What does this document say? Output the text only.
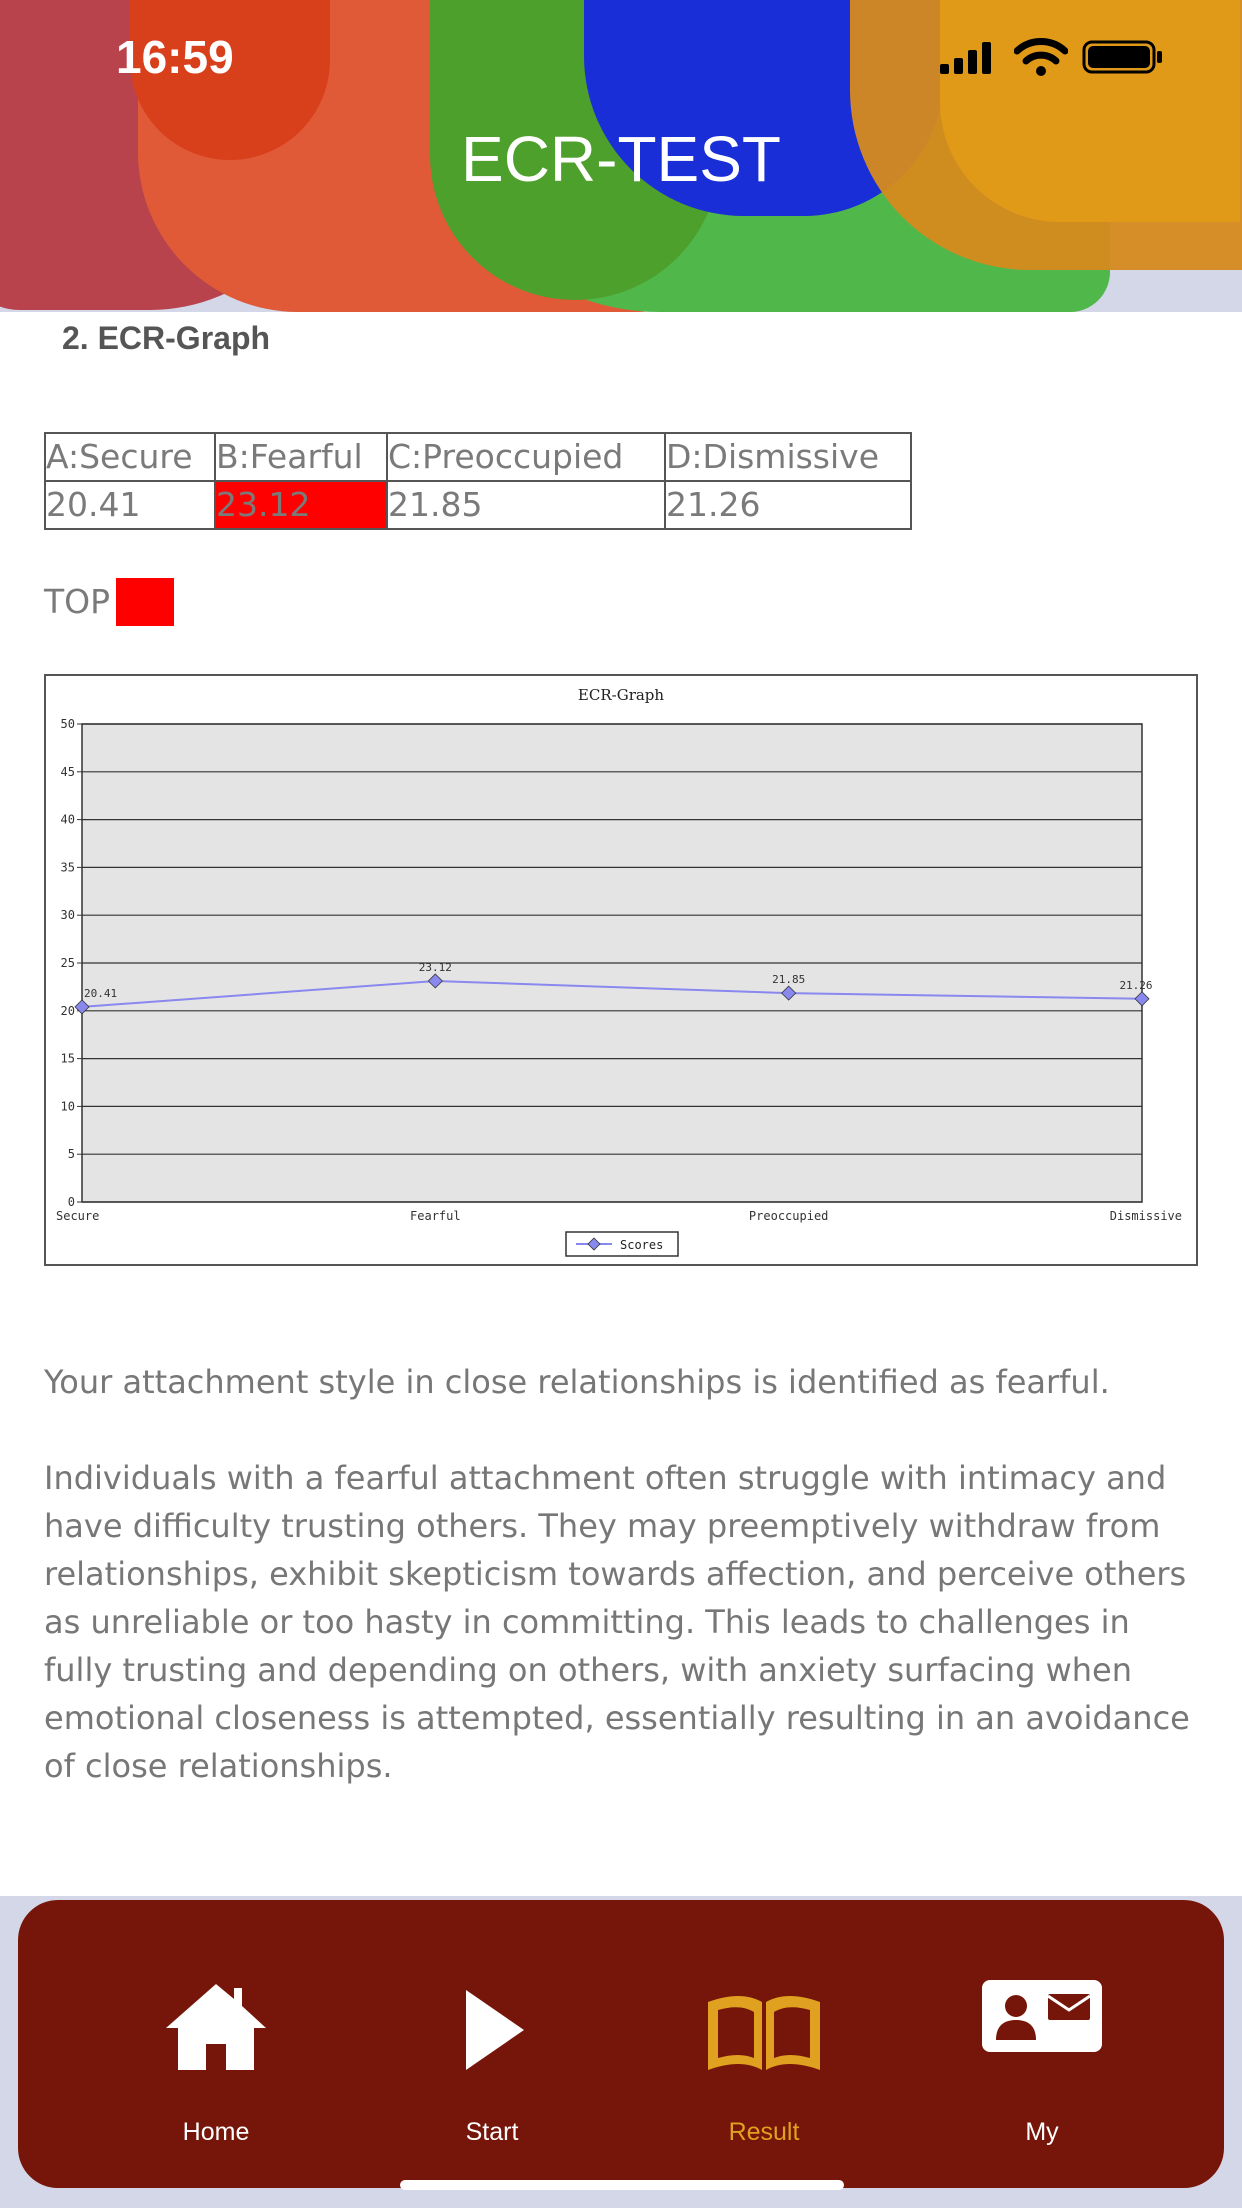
16:59
ECR-TEST
2. ECR-Graph
A:Secure	B:Fearful	C:Preoccupied	D:Dismissive
20.41	23.12	21.85	21.26
TOP
ECR-Graph
0
5
10
15
20
25
30
35
40
45
50
Secure	Fearful	Preoccupied	Dismissive
20.41
23.12
21.85	21.26
Scores

Your attachment style in close relationships is identified as fearful.

Individuals with a fearful attachment often struggle with intimacy and have difficulty trusting others. They may preemptively withdraw from relationships, exhibit skepticism towards affection, and perceive others as unreliable or too hasty in committing. This leads to challenges in fully trusting and depending on others, with anxiety surfacing when emotional closeness is attempted, essentially resulting in an avoidance of close relationships.

Home	Start	Result	My
